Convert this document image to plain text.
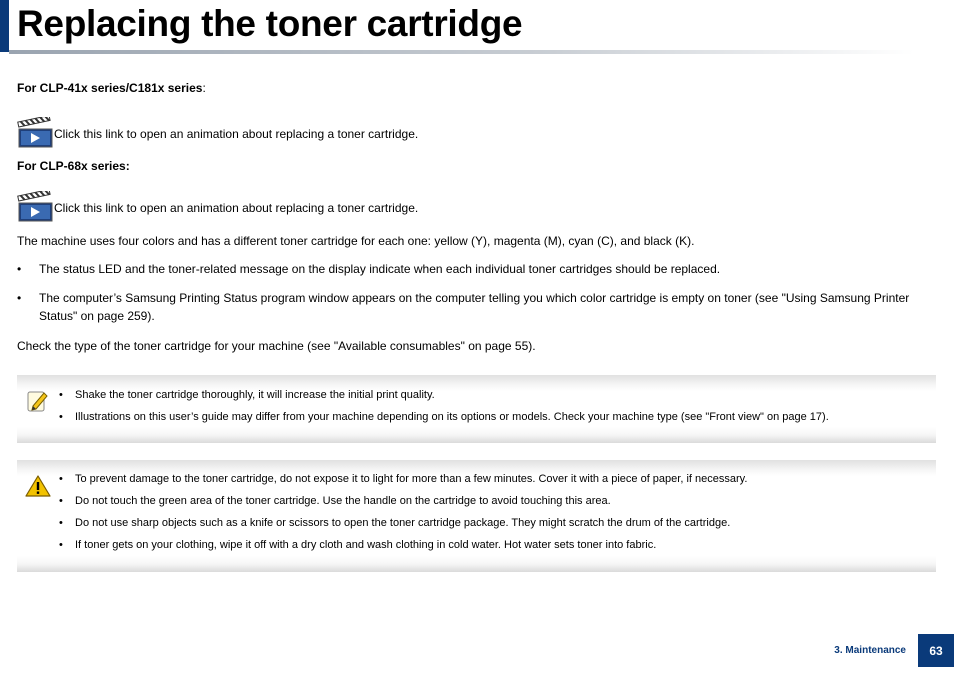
Replacing the toner cartridge
For CLP-41x series/C181x series:
Click this link to open an animation about replacing a toner cartridge.
For CLP-68x series:
Click this link to open an animation about replacing a toner cartridge.
The machine uses four colors and has a different toner cartridge for each one: yellow (Y), magenta (M), cyan (C), and black (K).
• The status LED and the toner-related message on the display indicate when each individual toner cartridges should be replaced.
• The computer’s Samsung Printing Status program window appears on the computer telling you which color cartridge is empty on toner (see "Using Samsung Printer Status" on page 259).
Check the type of the toner cartridge for your machine (see "Available consumables" on page 55).
• Shake the toner cartridge thoroughly, it will increase the initial print quality.
• Illustrations on this user’s guide may differ from your machine depending on its options or models. Check your machine type (see "Front view" on page 17).
• To prevent damage to the toner cartridge, do not expose it to light for more than a few minutes. Cover it with a piece of paper, if necessary.
• Do not touch the green area of the toner cartridge. Use the handle on the cartridge to avoid touching this area.
• Do not use sharp objects such as a knife or scissors to open the toner cartridge package. They might scratch the drum of the cartridge.
• If toner gets on your clothing, wipe it off with a dry cloth and wash clothing in cold water. Hot water sets toner into fabric.
3. Maintenance	63
